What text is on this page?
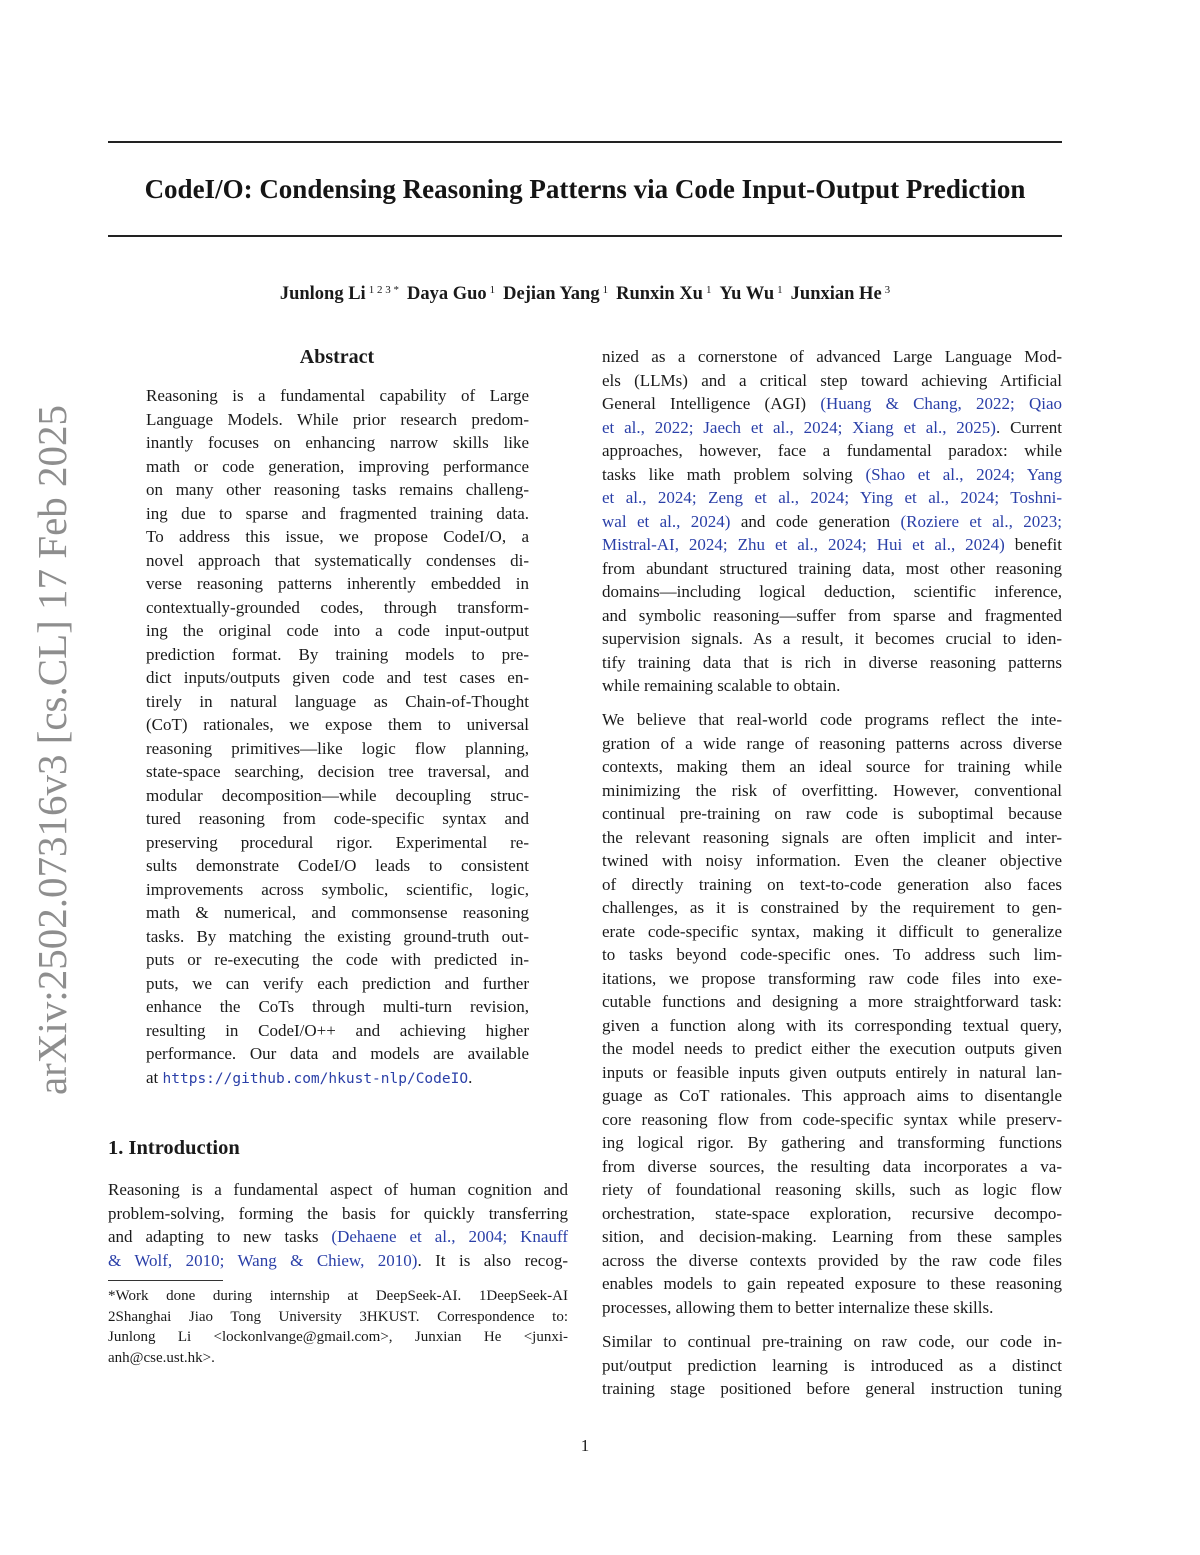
CodeI/O: Condensing Reasoning Patterns via Code Input-Output Prediction
Junlong Li $^{1 2 3 *}$ Daya Guo $^1$ Dejian Yang $^1$ Runxin Xu $^1$ Yu Wu $^1$ Junxian He $^3$
arXiv:2502.07316v3 [cs.CL] 17 Feb 2025
Abstract
Reasoning is a fundamental capability of Large
Language Models. While prior research predom-
inantly focuses on enhancing narrow skills like
math or code generation, improving performance
on many other reasoning tasks remains challeng-
ing due to sparse and fragmented training data.
To address this issue, we propose CodeI/O, a
novel approach that systematically condenses di-
verse reasoning patterns inherently embedded in
contextually-grounded codes, through transform-
ing the original code into a code input-output
prediction format. By training models to pre-
dict inputs/outputs given code and test cases en-
tirely in natural language as Chain-of-Thought
(CoT) rationales, we expose them to universal
reasoning primitives—like logic flow planning,
state-space searching, decision tree traversal, and
modular decomposition—while decoupling struc-
tured reasoning from code-specific syntax and
preserving procedural rigor. Experimental re-
sults demonstrate CodeI/O leads to consistent
improvements across symbolic, scientific, logic,
math & numerical, and commonsense reasoning
tasks. By matching the existing ground-truth out-
puts or re-executing the code with predicted in-
puts, we can verify each prediction and further
enhance the CoTs through multi-turn revision,
resulting in CodeI/O++ and achieving higher
performance. Our data and models are available
at https://github.com/hkust-nlp/CodeIO.
1. Introduction
Reasoning is a fundamental aspect of human cognition and
problem-solving, forming the basis for quickly transferring
and adapting to new tasks (Dehaene et al., 2004; Knauff
& Wolf, 2010; Wang & Chiew, 2010). It is also recog-
*Work done during internship at DeepSeek-AI. 1DeepSeek-AI
2Shanghai Jiao Tong University 3HKUST. Correspondence to:
Junlong Li <lockonlvange@gmail.com>, Junxian He <junxi-
anh@cse.ust.hk>.
nized as a cornerstone of advanced Large Language Mod-
els (LLMs) and a critical step toward achieving Artificial
General Intelligence (AGI) (Huang & Chang, 2022; Qiao
et al., 2022; Jaech et al., 2024; Xiang et al., 2025). Current
approaches, however, face a fundamental paradox: while
tasks like math problem solving (Shao et al., 2024; Yang
et al., 2024; Zeng et al., 2024; Ying et al., 2024; Toshni-
wal et al., 2024) and code generation (Roziere et al., 2023;
Mistral-AI, 2024; Zhu et al., 2024; Hui et al., 2024) benefit
from abundant structured training data, most other reasoning
domains—including logical deduction, scientific inference,
and symbolic reasoning—suffer from sparse and fragmented
supervision signals. As a result, it becomes crucial to iden-
tify training data that is rich in diverse reasoning patterns
while remaining scalable to obtain.
We believe that real-world code programs reflect the inte-
gration of a wide range of reasoning patterns across diverse
contexts, making them an ideal source for training while
minimizing the risk of overfitting. However, conventional
continual pre-training on raw code is suboptimal because
the relevant reasoning signals are often implicit and inter-
twined with noisy information. Even the cleaner objective
of directly training on text-to-code generation also faces
challenges, as it is constrained by the requirement to gen-
erate code-specific syntax, making it difficult to generalize
to tasks beyond code-specific ones. To address such lim-
itations, we propose transforming raw code files into exe-
cutable functions and designing a more straightforward task:
given a function along with its corresponding textual query,
the model needs to predict either the execution outputs given
inputs or feasible inputs given outputs entirely in natural lan-
guage as CoT rationales. This approach aims to disentangle
core reasoning flow from code-specific syntax while preserv-
ing logical rigor. By gathering and transforming functions
from diverse sources, the resulting data incorporates a va-
riety of foundational reasoning skills, such as logic flow
orchestration, state-space exploration, recursive decompo-
sition, and decision-making. Learning from these samples
across the diverse contexts provided by the raw code files
enables models to gain repeated exposure to these reasoning
processes, allowing them to better internalize these skills.
Similar to continual pre-training on raw code, our code in-
put/output prediction learning is introduced as a distinct
training stage positioned before general instruction tuning
1
